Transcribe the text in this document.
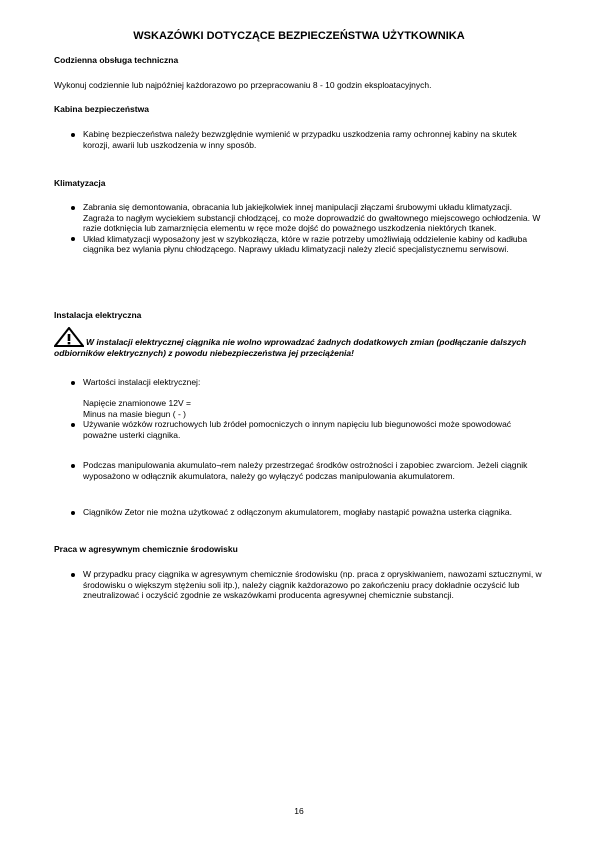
WSKAZÓWKI DOTYCZĄCE BEZPIECZEŃSTWA UŻYTKOWNIKA
Codzienna obsługa techniczna
Wykonuj codziennie lub najpóźniej każdorazowo po przepracowaniu 8 - 10 godzin eksploatacyjnych.
Kabina bezpieczeństwa
Kabinę bezpieczeństwa należy bezwzględnie wymienić w przypadku uszkodzenia ramy ochronnej kabiny na skutek korozji, awarii lub uszkodzenia w inny sposób.
Klimatyzacja
Zabrania się demontowania, obracania lub jakiejkolwiek innej manipulacji złączami śrubowymi układu klimatyzacji. Zagraża to nagłym wyciekiem substancji chłodzącej, co może doprowadzić do gwałtownego miejscowego ochłodzenia. W razie dotknięcia lub zamarznięcia elementu w ręce może dojść do poważnego uszkodzenia niektórych tkanek.
Układ klimatyzacji wyposażony jest w szybkozłącza, które w razie potrzeby umożliwiają oddzielenie kabiny od kadłuba ciągnika bez wylania płynu chłodzącego. Naprawy układu klimatyzacji należy zlecić specjalistycznemu serwisowi.
Instalacja elektryczna
W instalacji elektrycznej ciągnika nie wolno wprowadzać żadnych dodatkowych zmian (podłączanie dalszych odbiorników elektrycznych) z powodu niebezpieczeństwa jej przeciążenia!
Wartości instalacji elektrycznej:
Napięcie znamionowe 12V =
Minus na masie biegun ( - )
Używanie wózków rozruchowych lub źródeł pomocniczych o innym napięciu lub biegunowości może spowodować poważne usterki ciągnika.
Podczas manipulowania akumulato¬rem należy przestrzegać środków ostrożności i zapobiec zwarciom. Jeżeli ciągnik wyposażono w odłącznik akumulatora, należy go wyłączyć podczas manipulowania akumulatorem.
Ciągników Zetor nie można użytkować z odłączonym akumulatorem, mogłaby nastąpić poważna usterka ciągnika.
Praca w agresywnym chemicznie środowisku
W przypadku pracy ciągnika w agresywnym chemicznie środowisku (np. praca z opryskiwaniem, nawozami sztucznymi, w środowisku o większym stężeniu soli itp.), należy ciągnik każdorazowo po zakończeniu pracy dokładnie oczyścić lub zneutralizować i oczyścić zgodnie ze wskazówkami producenta agresywnej chemicznie substancji.
16
